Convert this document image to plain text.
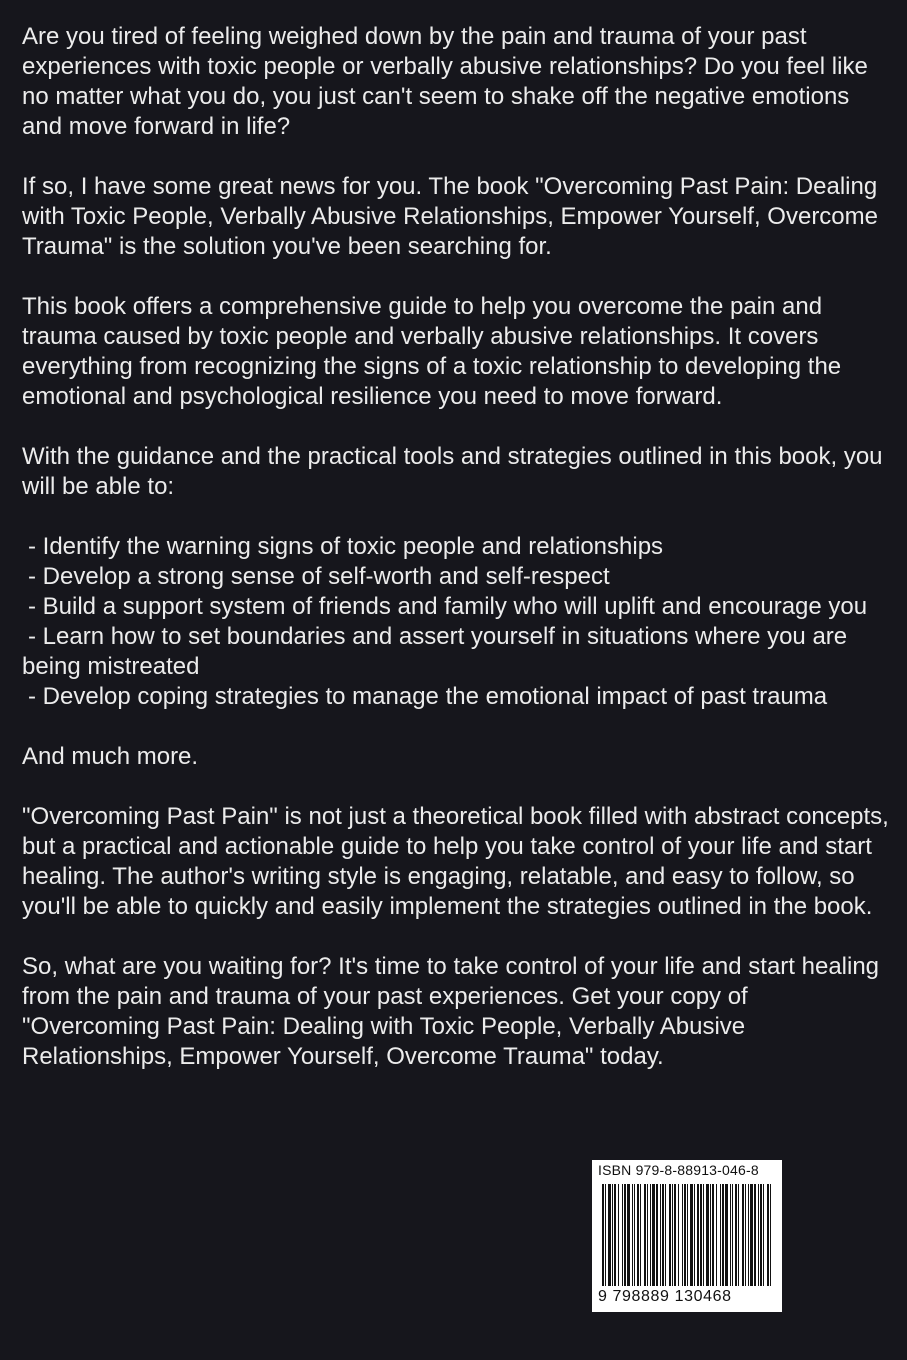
Are you tired of feeling weighed down by the pain and trauma of your past experiences with toxic people or verbally abusive relationships? Do you feel like no matter what you do, you just can't seem to shake off the negative emotions and move forward in life?

If so, I have some great news for you. The book "Overcoming Past Pain: Dealing with Toxic People, Verbally Abusive Relationships, Empower Yourself, Overcome Trauma" is the solution you've been searching for.

This book offers a comprehensive guide to help you overcome the pain and trauma caused by toxic people and verbally abusive relationships. It covers everything from recognizing the signs of a toxic relationship to developing the emotional and psychological resilience you need to move forward.

With the guidance and the practical tools and strategies outlined in this book, you will be able to:

- Identify the warning signs of toxic people and relationships
- Develop a strong sense of self-worth and self-respect
- Build a support system of friends and family who will uplift and encourage you
- Learn how to set boundaries and assert yourself in situations where you are being mistreated
- Develop coping strategies to manage the emotional impact of past trauma

And much more.

"Overcoming Past Pain" is not just a theoretical book filled with abstract concepts, but a practical and actionable guide to help you take control of your life and start healing. The author's writing style is engaging, relatable, and easy to follow, so you'll be able to quickly and easily implement the strategies outlined in the book.

So, what are you waiting for? It's time to take control of your life and start healing from the pain and trauma of your past experiences. Get your copy of "Overcoming Past Pain: Dealing with Toxic People, Verbally Abusive Relationships, Empower Yourself, Overcome Trauma" today.

ISBN 979-8-88913-046-8
9 798889 130468
